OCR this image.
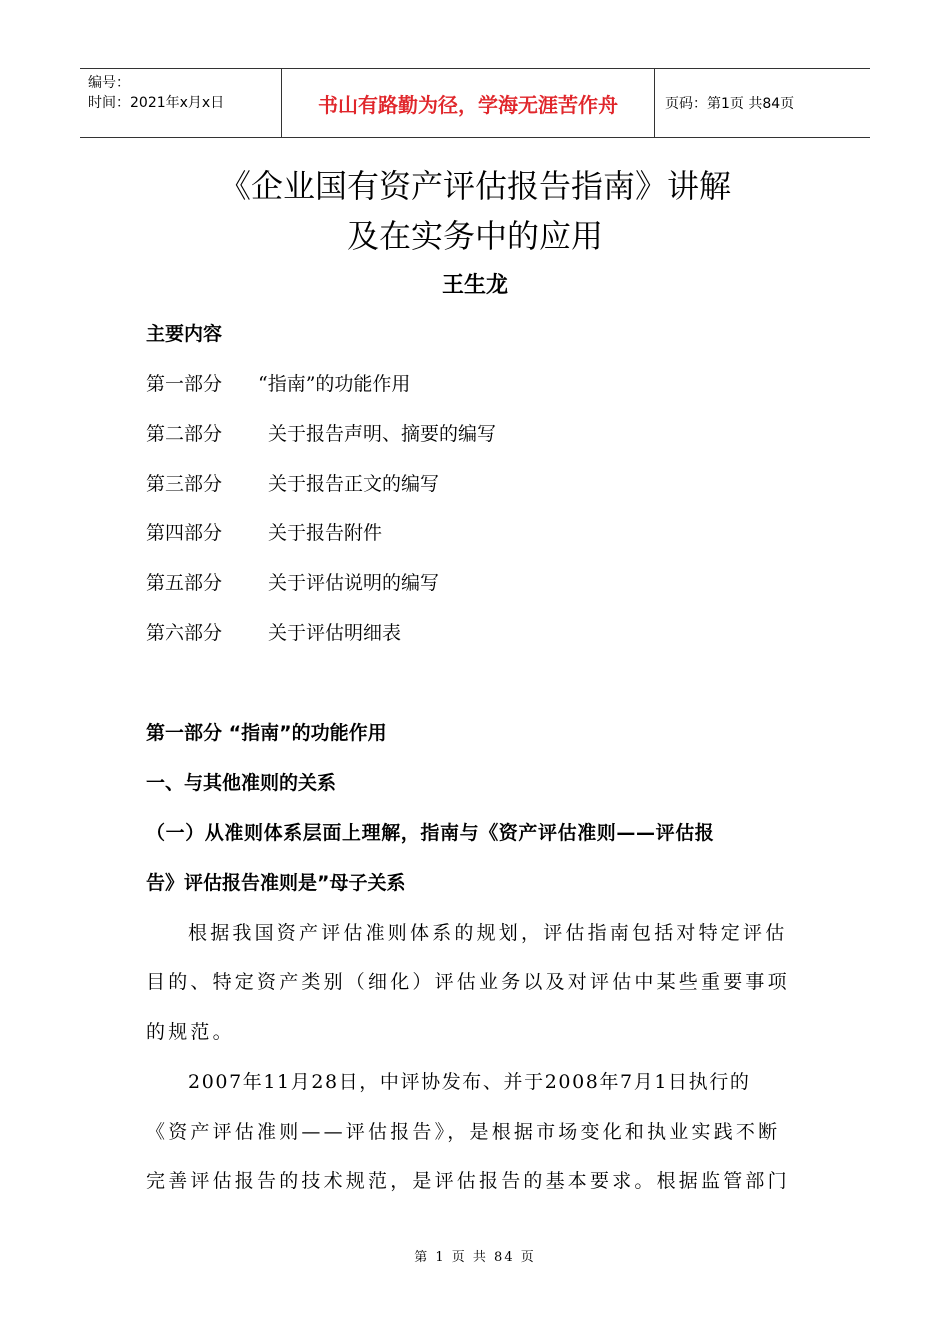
编号：
时间：2021年x月x日	书山有路勤为径，学海无涯苦作舟	页码：第1页 共84页
《企业国有资产评估报告指南》讲解
及在实务中的应用
王生龙
主要内容
第一部分 “指南”的功能作用
第二部分 关于报告声明、摘要的编写
第三部分 关于报告正文的编写
第四部分 关于报告附件
第五部分 关于评估说明的编写
第六部分 关于评估明细表
第一部分 “指南”的功能作用
一、与其他准则的关系
（一）从准则体系层面上理解，指南与《资产评估准则——评估报
告》评估报告准则是”母子关系
根据我国资产评估准则体系的规划，评估指南包括对特定评估
目的、特定资产类别（细化）评估业务以及对评估中某些重要事项
的规范。
2007年11月28日，中评协发布、并于2008年7月1日执行的
《资产评估准则——评估报告》，是根据市场变化和执业实践不断
完善评估报告的技术规范，是评估报告的基本要求。根据监管部门
第 1 页 共 84 页
